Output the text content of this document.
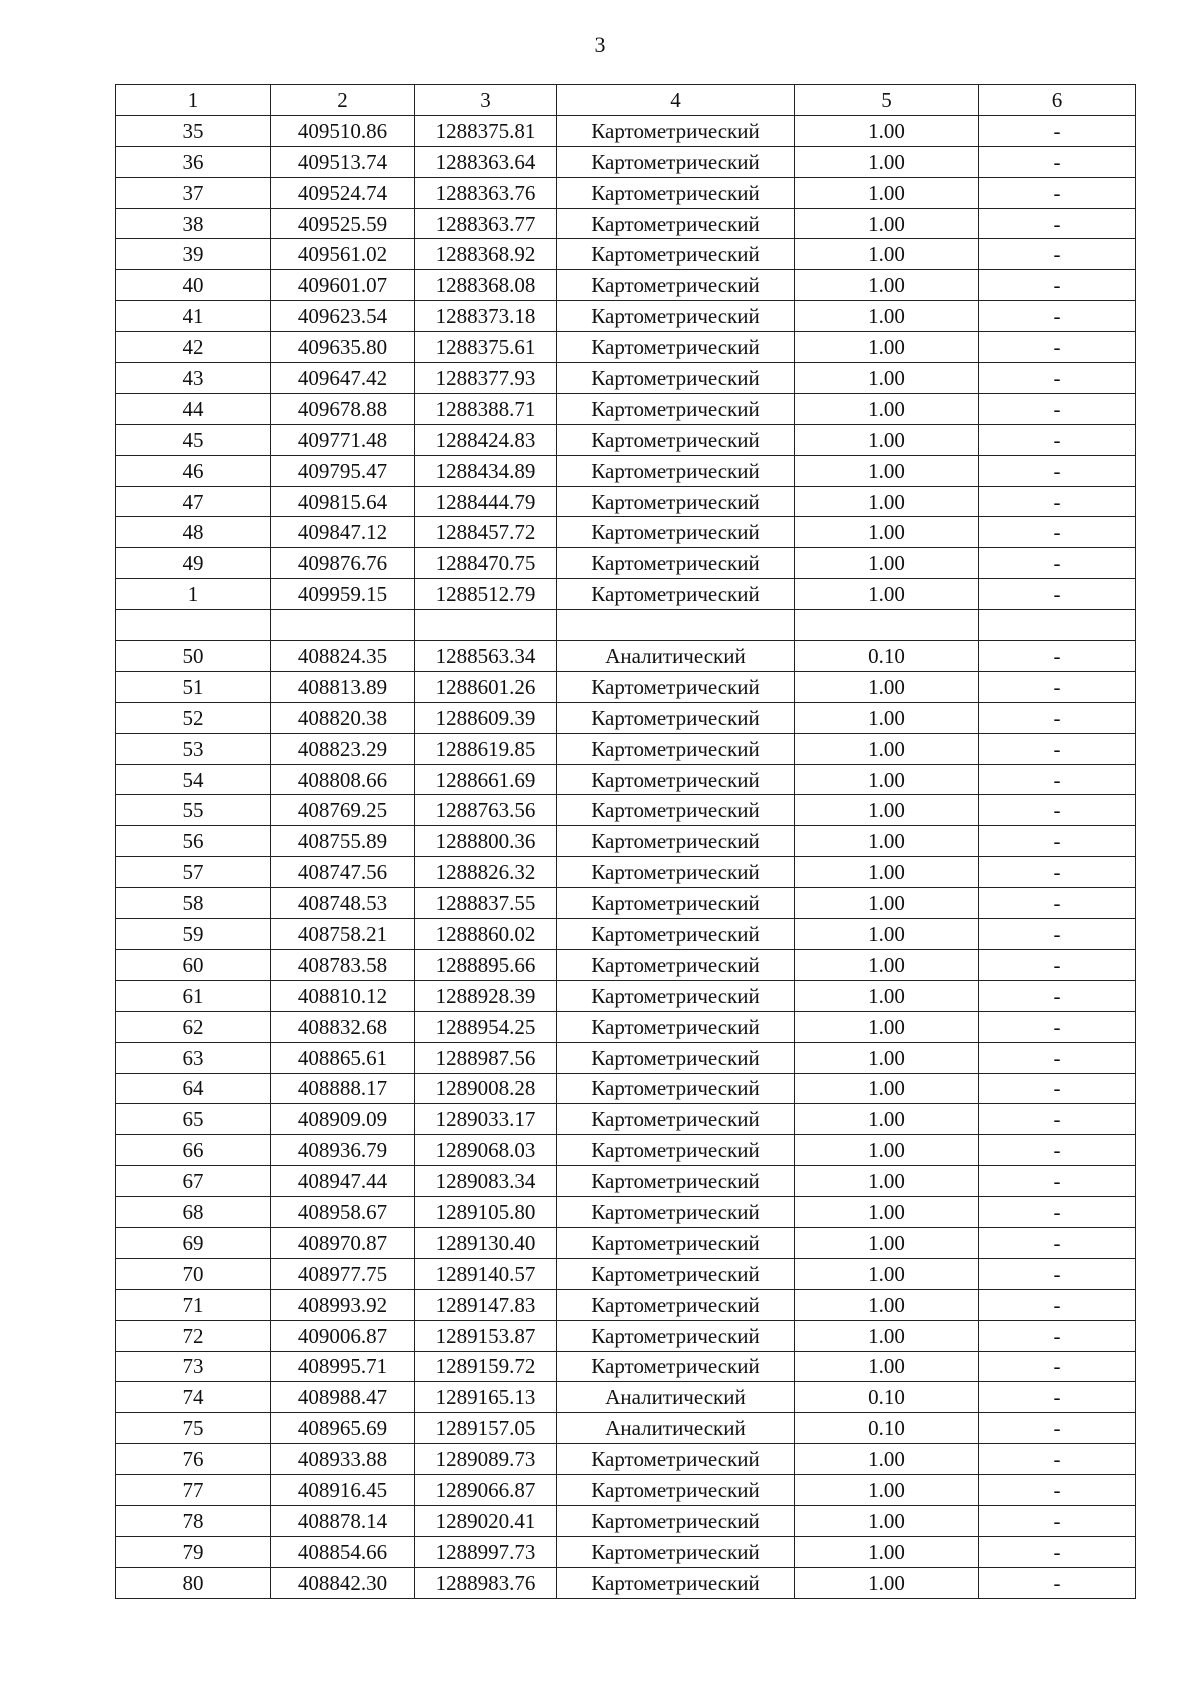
3
1	2	3	4	5	6
35	409510.86	1288375.81	Картометрический	1.00	-
36	409513.74	1288363.64	Картометрический	1.00	-
37	409524.74	1288363.76	Картометрический	1.00	-
38	409525.59	1288363.77	Картометрический	1.00	-
39	409561.02	1288368.92	Картометрический	1.00	-
40	409601.07	1288368.08	Картометрический	1.00	-
41	409623.54	1288373.18	Картометрический	1.00	-
42	409635.80	1288375.61	Картометрический	1.00	-
43	409647.42	1288377.93	Картометрический	1.00	-
44	409678.88	1288388.71	Картометрический	1.00	-
45	409771.48	1288424.83	Картометрический	1.00	-
46	409795.47	1288434.89	Картометрический	1.00	-
47	409815.64	1288444.79	Картометрический	1.00	-
48	409847.12	1288457.72	Картометрический	1.00	-
49	409876.76	1288470.75	Картометрический	1.00	-
1	409959.15	1288512.79	Картометрический	1.00	-

50	408824.35	1288563.34	Аналитический	0.10	-
51	408813.89	1288601.26	Картометрический	1.00	-
52	408820.38	1288609.39	Картометрический	1.00	-
53	408823.29	1288619.85	Картометрический	1.00	-
54	408808.66	1288661.69	Картометрический	1.00	-
55	408769.25	1288763.56	Картометрический	1.00	-
56	408755.89	1288800.36	Картометрический	1.00	-
57	408747.56	1288826.32	Картометрический	1.00	-
58	408748.53	1288837.55	Картометрический	1.00	-
59	408758.21	1288860.02	Картометрический	1.00	-
60	408783.58	1288895.66	Картометрический	1.00	-
61	408810.12	1288928.39	Картометрический	1.00	-
62	408832.68	1288954.25	Картометрический	1.00	-
63	408865.61	1288987.56	Картометрический	1.00	-
64	408888.17	1289008.28	Картометрический	1.00	-
65	408909.09	1289033.17	Картометрический	1.00	-
66	408936.79	1289068.03	Картометрический	1.00	-
67	408947.44	1289083.34	Картометрический	1.00	-
68	408958.67	1289105.80	Картометрический	1.00	-
69	408970.87	1289130.40	Картометрический	1.00	-
70	408977.75	1289140.57	Картометрический	1.00	-
71	408993.92	1289147.83	Картометрический	1.00	-
72	409006.87	1289153.87	Картометрический	1.00	-
73	408995.71	1289159.72	Картометрический	1.00	-
74	408988.47	1289165.13	Аналитический	0.10	-
75	408965.69	1289157.05	Аналитический	0.10	-
76	408933.88	1289089.73	Картометрический	1.00	-
77	408916.45	1289066.87	Картометрический	1.00	-
78	408878.14	1289020.41	Картометрический	1.00	-
79	408854.66	1288997.73	Картометрический	1.00	-
80	408842.30	1288983.76	Картометрический	1.00	-
